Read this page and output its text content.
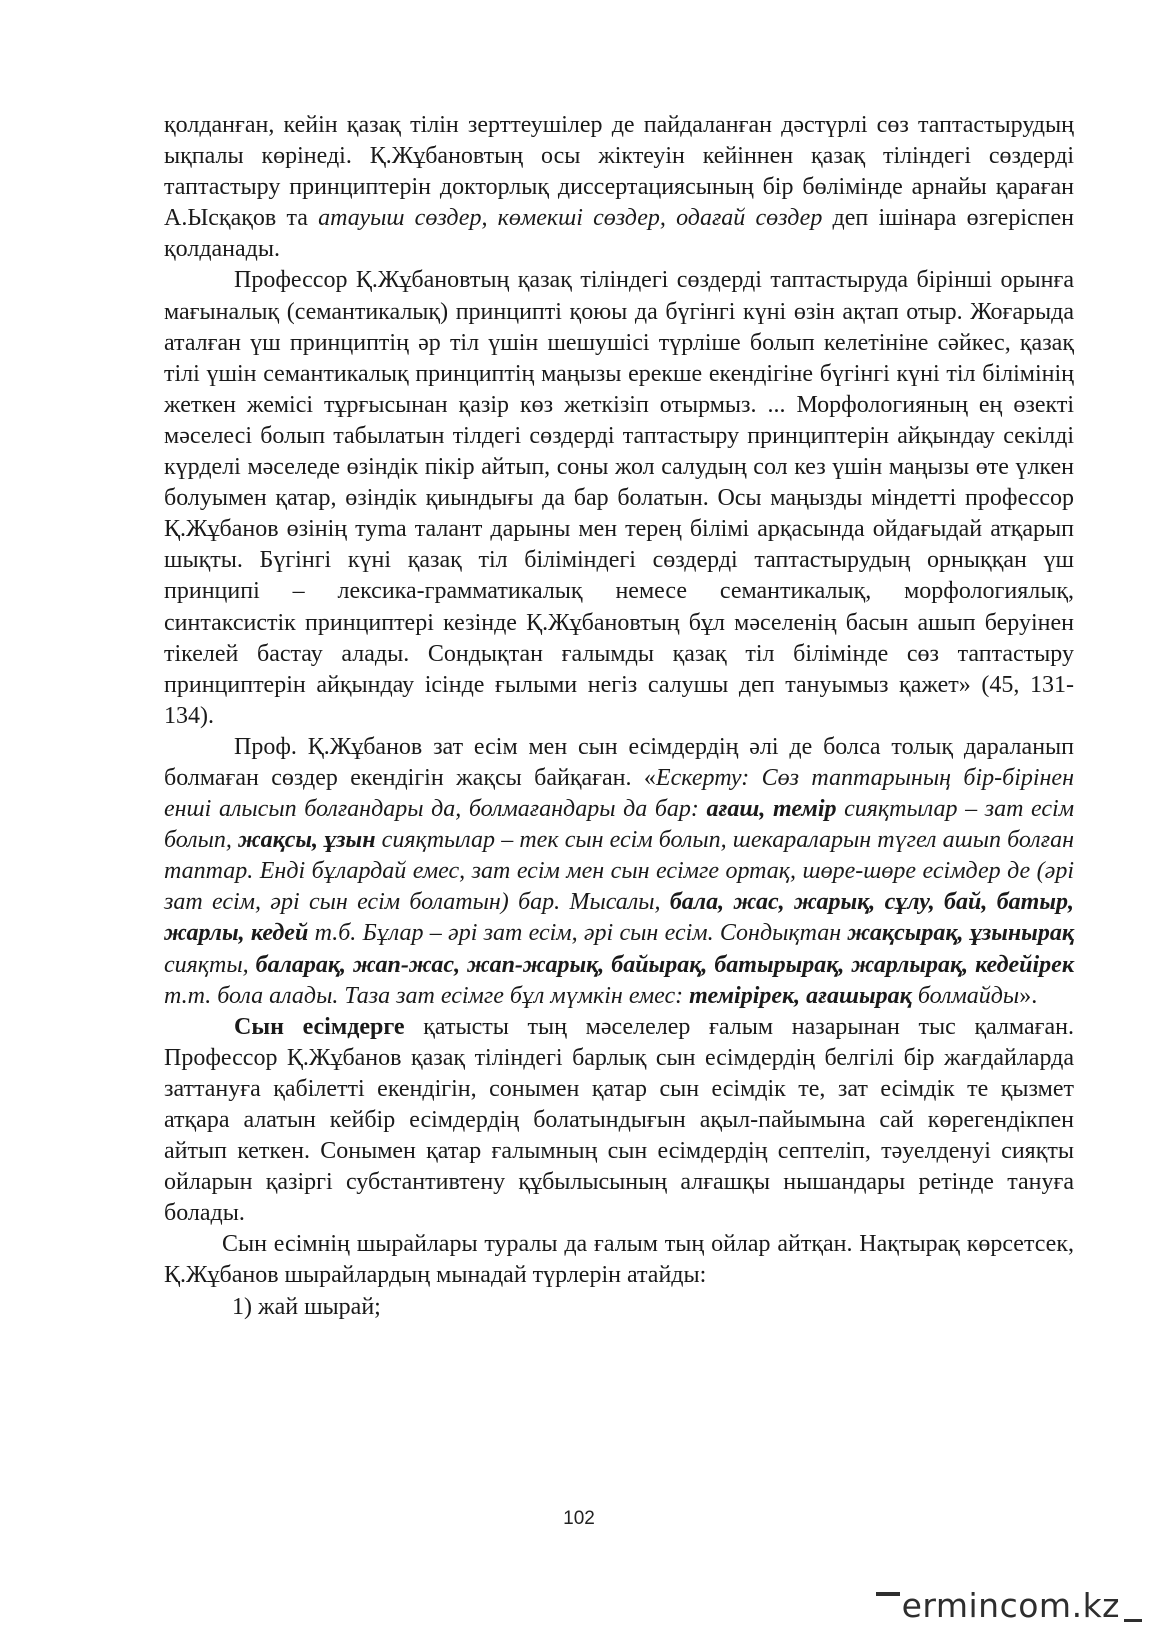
қолданған, кейін қазақ тілін зерттеушілер де пайдаланған дәстүрлі сөз таптастырудың ықпалы көрінеді. Қ.Жұбановтың осы жіктеуін кейіннен қазақ тіліндегі сөздерді таптастыру принциптерін докторлық диссертациясының бір бөлімінде арнайы қараған А.Ысқақов та атауыш сөздер, көмекші сөздер, одағай сөздер деп ішінара өзгеріспен қолданады.

Профессор Қ.Жұбановтың қазақ тіліндегі сөздерді таптастыруда бірінші орынға мағыналық (семантикалық) принципті қоюы да бүгінгі күні өзін ақтап отыр. Жоғарыда аталған үш принциптің әр тіл үшін шешушісі түрліше болып келетініне сәйкес, қазақ тілі үшін семантикалық принциптің маңызы ерекше екендігіне бүгінгі күні тіл білімінің жеткен жемісі тұрғысынан қазір көз жеткізіп отырмыз. ... Морфологияның ең өзекті мәселесі болып табылатын тілдегі сөздерді таптастыру принциптерін айқындау секілді күрделі мәселеде өзіндік пікір айтып, соны жол салудың сол кез үшін маңызы өте үлкен болуымен қатар, өзіндік қиындығы да бар болатын. Осы маңызды міндетті профессор Қ.Жұбанов өзінің туma талант дарыны мен терең білімі арқасында ойдағыдай атқарып шықты. Бүгінгі күні қазақ тіл біліміндегі сөздерді таптастырудың орныққан үш принципі – лексика-грамматикалық немесе семантикалық, морфологиялық, синтаксистік принциптері кезінде Қ.Жұбановтың бұл мәселенің басын ашып беруінен тікелей бастау алады. Сондықтан ғалымды қазақ тіл білімінде сөз таптастыру принциптерін айқындау ісінде ғылыми негіз салушы деп тануымыз қажет» (45, 131-134).

Проф. Қ.Жұбанов зат есім мен сын есімдердің әлі де болса толық дараланып болмаған сөздер екендігін жақсы байқаған. «Ескерту: Сөз таптарының бір-бірінен енші алысып болғандары да, болмағандары да бар: ағаш, темір сияқтылар – зат есім болып, жақсы, ұзын сияқтылар – тек сын есім болып, шекараларын түгел ашып болған таптар. Енді бұлардай емес, зат есім мен сын есімге ортақ, шөре-шөре есімдер де (әрі зат есім, әрі сын есім болатын) бар. Мысалы, бала, жас, жарық, сұлу, бай, батыр, жарлы, кедей т.б. Бұлар – әрі зат есім, әрі сын есім. Сондықтан жақсырақ, ұзынырақ сияқты, баларақ, жап-жас, жап-жарық, байырақ, батырырақ, жарлырақ, кедейірек т.т. бола алады. Таза зат есімге бұл мүмкін емес: темірірек, ағашырақ болмайды».

Сын есімдерге қатысты тың мәселелер ғалым назарынан тыс қалмаған. Профессор Қ.Жұбанов қазақ тіліндегі барлық сын есімдердің белгілі бір жағдайларда заттануға қабілетті екендігін, сонымен қатар сын есімдік те, зат есімдік те қызмет атқара алатын кейбір есімдердің болатындығын ақыл-пайымына сай көрегендікпен айтып кеткен. Сонымен қатар ғалымның сын есімдердің септеліп, тәуелденуі сияқты ойларын қазіргі субстантивтену құбылысының алғашқы нышандары ретінде тануға болады.

Сын есімнің шырайлары туралы да ғалым тың ойлар айтқан. Нақтырақ көрсетсек, Қ.Жұбанов шырайлардың мынадай түрлерін атайды:

1) жай шырай;

102
ermincom.kz
